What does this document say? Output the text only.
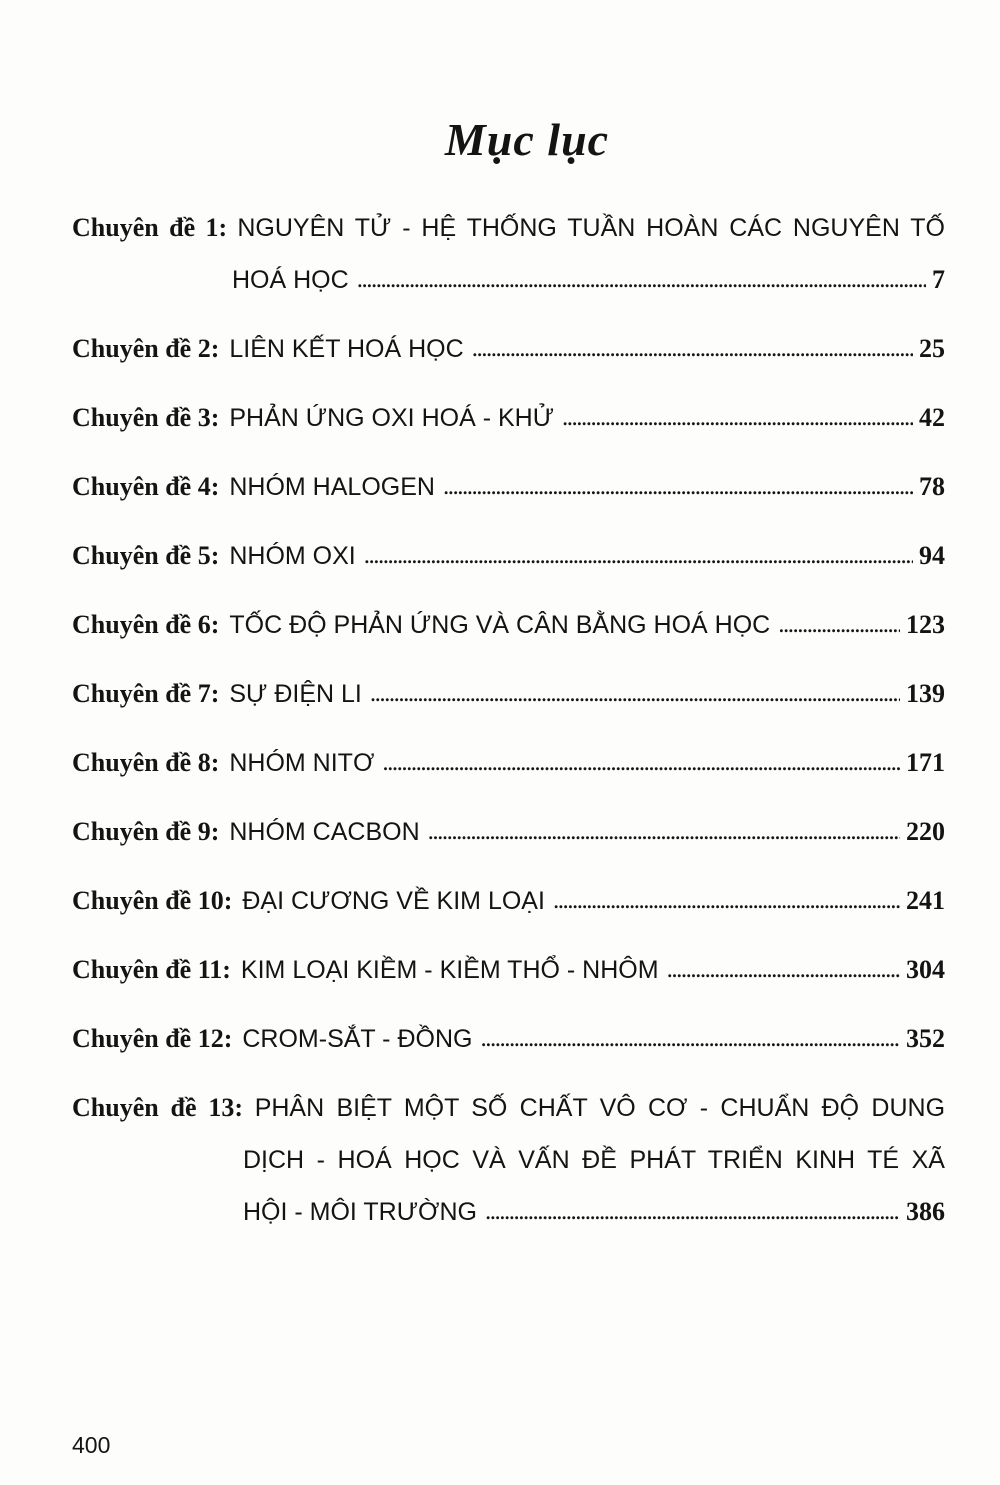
Mục lục
Chuyên đề 1: NGUYÊN TỬ - HỆ THỐNG TUẦN HOÀN CÁC NGUYÊN TỐ
HOÁ HỌC .....	7
Chuyên đề 2: LIÊN KẾT HOÁ HỌC .....	25
Chuyên đề 3: PHẢN ỨNG OXI HOÁ - KHỬ .....	42
Chuyên đề 4: NHÓM HALOGEN .....	78
Chuyên đề 5: NHÓM OXI .....	94
Chuyên đề 6: TỐC ĐỘ PHẢN ỨNG VÀ CÂN BẰNG HOÁ HỌC .....	123
Chuyên đề 7: SỰ ĐIỆN LI .....	139
Chuyên đề 8: NHÓM NITƠ .....	171
Chuyên đề 9: NHÓM CACBON .....	220
Chuyên đề 10: ĐẠI CƯƠNG VỀ KIM LOẠI .....	241
Chuyên đề 11: KIM LOẠI KIỀM - KIỀM THỔ - NHÔM .....	304
Chuyên đề 12: CROM-SẮT - ĐỒNG .....	352
Chuyên đề 13: PHÂN BIỆT MỘT SỐ CHẤT VÔ CƠ - CHUẨN ĐỘ DUNG
DỊCH - HOÁ HỌC VÀ VẤN ĐỀ PHÁT TRIỂN KINH TÉ XÃ
HỘI - MÔI TRƯỜNG .....	386
400
